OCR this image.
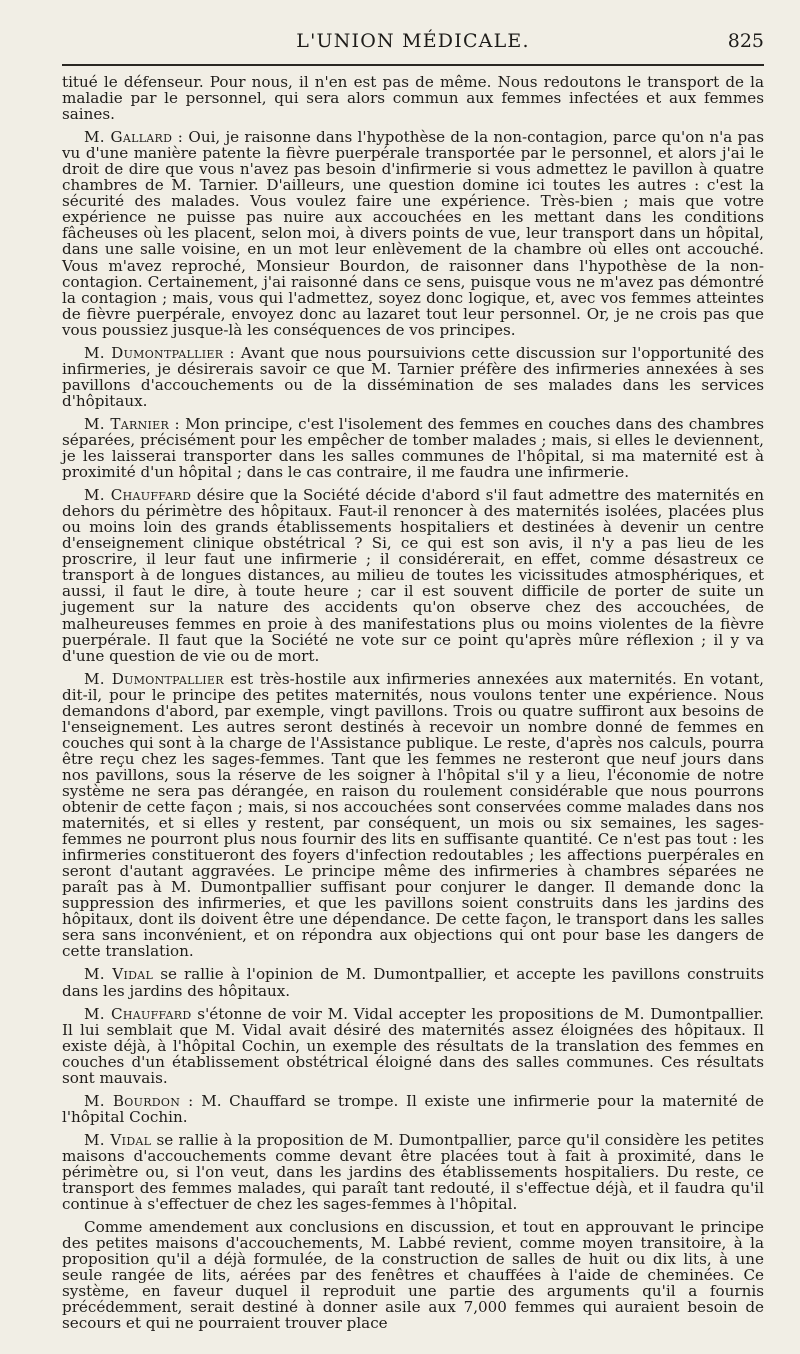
L'UNION MÉDICALE.	825

titué le défenseur. Pour nous, il n'en est pas de même. Nous redoutons le transport de la maladie par le personnel, qui sera alors commun aux femmes infectées et aux femmes saines.

M. Gallard : Oui, je raisonne dans l'hypothèse de la non-contagion, parce qu'on n'a pas vu d'une manière patente la fièvre puerpérale transportée par le personnel, et alors j'ai le droit de dire que vous n'avez pas besoin d'infirmerie si vous admettez le pavillon à quatre chambres de M. Tarnier. D'ailleurs, une question domine ici toutes les autres : c'est la sécurité des malades. Vous voulez faire une expérience. Très-bien ; mais que votre expérience ne puisse pas nuire aux accouchées en les mettant dans les conditions fâcheuses où les placent, selon moi, à divers points de vue, leur transport dans un hôpital, dans une salle voisine, en un mot leur enlèvement de la chambre où elles ont accouché. Vous m'avez reproché, Monsieur Bourdon, de raisonner dans l'hypothèse de la non-contagion. Certainement, j'ai raisonné dans ce sens, puisque vous ne m'avez pas démontré la contagion ; mais, vous qui l'admettez, soyez donc logique, et, avec vos femmes atteintes de fièvre puerpérale, envoyez donc au lazaret tout leur personnel. Or, je ne crois pas que vous poussiez jusque-là les conséquences de vos principes.

M. Dumontpallier : Avant que nous poursuivions cette discussion sur l'opportunité des infirmeries, je désirerais savoir ce que M. Tarnier préfère des infirmeries annexées à ses pavillons d'accouchements ou de la dissémination de ses malades dans les services d'hôpitaux.

M. Tarnier : Mon principe, c'est l'isolement des femmes en couches dans des chambres séparées, précisément pour les empêcher de tomber malades ; mais, si elles le deviennent, je les laisserai transporter dans les salles communes de l'hôpital, si ma maternité est à proximité d'un hôpital ; dans le cas contraire, il me faudra une infirmerie.

M. Chauffard désire que la Société décide d'abord s'il faut admettre des maternités en dehors du périmètre des hôpitaux. Faut-il renoncer à des maternités isolées, placées plus ou moins loin des grands établissements hospitaliers et destinées à devenir un centre d'enseignement clinique obstétrical ? Si, ce qui est son avis, il n'y a pas lieu de les proscrire, il leur faut une infirmerie ; il considérerait, en effet, comme désastreux ce transport à de longues distances, au milieu de toutes les vicissitudes atmosphériques, et aussi, il faut le dire, à toute heure ; car il est souvent difficile de porter de suite un jugement sur la nature des accidents qu'on observe chez des accouchées, de malheureuses femmes en proie à des manifestations plus ou moins violentes de la fièvre puerpérale. Il faut que la Société ne vote sur ce point qu'après mûre réflexion ; il y va d'une question de vie ou de mort.

M. Dumontpallier est très-hostile aux infirmeries annexées aux maternités. En votant, dit-il, pour le principe des petites maternités, nous voulons tenter une expérience. Nous demandons d'abord, par exemple, vingt pavillons. Trois ou quatre suffiront aux besoins de l'enseignement. Les autres seront destinés à recevoir un nombre donné de femmes en couches qui sont à la charge de l'Assistance publique. Le reste, d'après nos calculs, pourra être reçu chez les sages-femmes. Tant que les femmes ne resteront que neuf jours dans nos pavillons, sous la réserve de les soigner à l'hôpital s'il y a lieu, l'économie de notre système ne sera pas dérangée, en raison du roulement considérable que nous pourrons obtenir de cette façon ; mais, si nos accouchées sont conservées comme malades dans nos maternités, et si elles y restent, par conséquent, un mois ou six semaines, les sages-femmes ne pourront plus nous fournir des lits en suffisante quantité. Ce n'est pas tout : les infirmeries constitueront des foyers d'infection redoutables ; les affections puerpérales en seront d'autant aggravées. Le principe même des infirmeries à chambres séparées ne paraît pas à M. Dumontpallier suffisant pour conjurer le danger. Il demande donc la suppression des infirmeries, et que les pavillons soient construits dans les jardins des hôpitaux, dont ils doivent être une dépendance. De cette façon, le transport dans les salles sera sans inconvénient, et on répondra aux objections qui ont pour base les dangers de cette translation.

M. Vidal se rallie à l'opinion de M. Dumontpallier, et accepte les pavillons construits dans les jardins des hôpitaux.

M. Chauffard s'étonne de voir M. Vidal accepter les propositions de M. Dumontpallier. Il lui semblait que M. Vidal avait désiré des maternités assez éloignées des hôpitaux. Il existe déjà, à l'hôpital Cochin, un exemple des résultats de la translation des femmes en couches d'un établissement obstétrical éloigné dans des salles communes. Ces résultats sont mauvais.

M. Bourdon : M. Chauffard se trompe. Il existe une infirmerie pour la maternité de l'hôpital Cochin.

M. Vidal se rallie à la proposition de M. Dumontpallier, parce qu'il considère les petites maisons d'accouchements comme devant être placées tout à fait à proximité, dans le périmètre ou, si l'on veut, dans les jardins des établissements hospitaliers. Du reste, ce transport des femmes malades, qui paraît tant redouté, il s'effectue déjà, et il faudra qu'il continue à s'effectuer de chez les sages-femmes à l'hôpital.

Comme amendement aux conclusions en discussion, et tout en approuvant le principe des petites maisons d'accouchements, M. Labbé revient, comme moyen transitoire, à la proposition qu'il a déjà formulée, de la construction de salles de huit ou dix lits, à une seule rangée de lits, aérées par des fenêtres et chauffées à l'aide de cheminées. Ce système, en faveur duquel il reproduit une partie des arguments qu'il a fournis précédemment, serait destiné à donner asile aux 7,000 femmes qui auraient besoin de secours et qui ne pourraient trouver place
